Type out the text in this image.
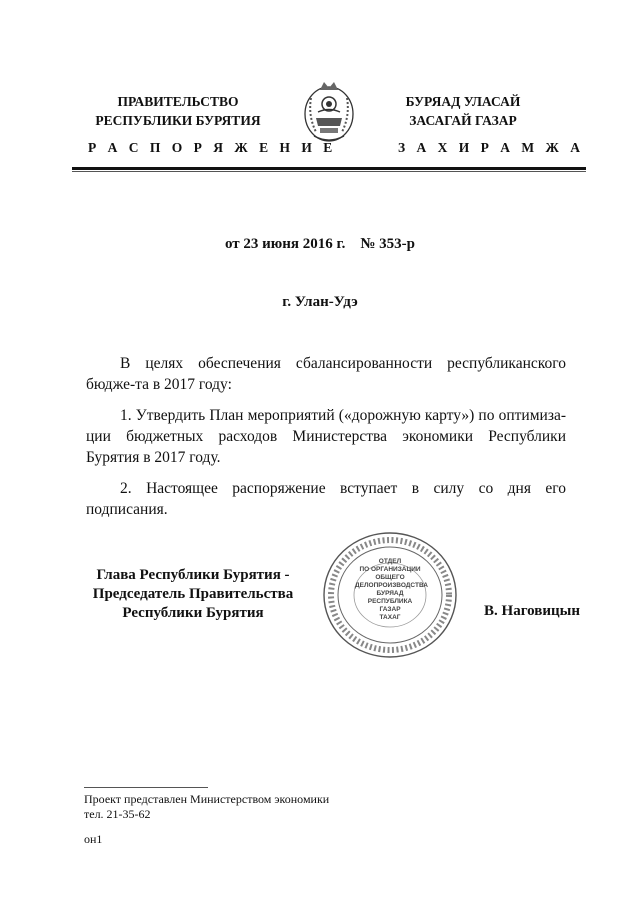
ПРАВИТЕЛЬСТВО
РЕСПУБЛИКИ БУРЯТИЯ
БУРЯАД УЛАСАЙ
ЗАСАГАЙ ГАЗАР
Р А С П О Р Я Ж Е Н И Е	З А Х И Р А М Ж А
от 23 июня 2016 г.    № 353-р
г. Улан-Удэ
В целях обеспечения сбалансированности республиканского бюдже-та в 2017 году:
1. Утвердить План мероприятий («дорожную карту») по оптимиза-ции бюджетных расходов Министерства экономики Республики Бурятия в 2017 году.
2. Настоящее распоряжение вступает в силу со дня его подписания.
Глава Республики Бурятия -
Председатель Правительства
Республики Бурятия
ОТДЕЛ
ПО ОРГАНИЗАЦИИ
ОБЩЕГО
ДЕЛОПРОИЗВОДСТВА
БУРЯАД
РЕСПУБЛИКА
ГАЗАР
ТАХАГ	В. Наговицын
Проект представлен Министерством экономики
тел. 21-35-62
он1
